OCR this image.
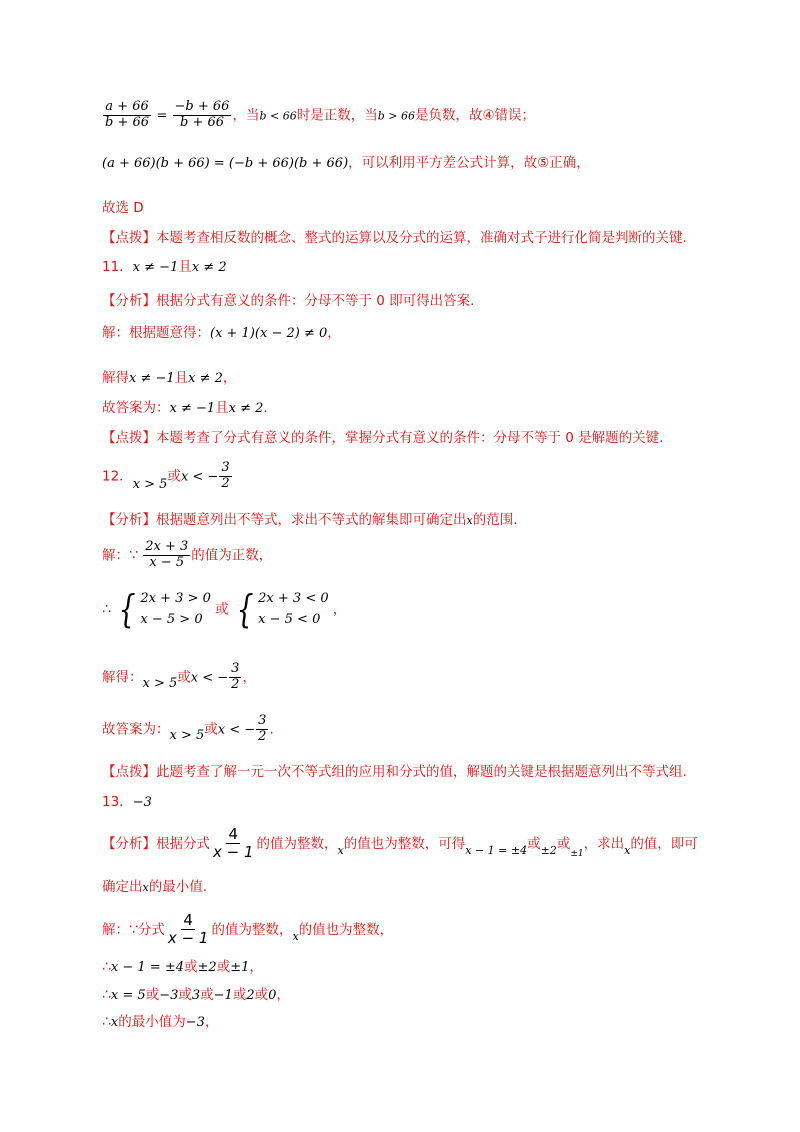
$\frac{a + 66}{b + 66} = \frac{-b + 66}{b + 66}$ ，当b < 66时是正数，当b > 66是负数，故④错误；
(a + 66)(b + 66) = (−b + 66)(b + 66)，可以利用平方差公式计算，故⑤正确，
故选 D
【点拨】本题考查相反数的概念、整式的运算以及分式的运算，准确对式子进行化简是判断的关键.
11．x ≠ −1且x ≠ 2
【分析】根据分式有意义的条件：分母不等于 0 即可得出答案.
解：根据题意得：(x + 1)(x − 2) ≠ 0，
解得x ≠ −1且x ≠ 2，
故答案为：x ≠ −1且x ≠ 2.
【点拨】本题考查了分式有意义的条件，掌握分式有意义的条件：分母不等于 0 是解题的关键.
12．x > 5或x < − $\frac{3}{2}$
【分析】根据题意列出不等式，求出不等式的解集即可确定出x的范围.
解：∵ $\frac{2x + 3}{x - 5}$ 的值为正数，
∴ { 2x + 3 > 0
x − 5 > 0
或 { 2x + 3 < 0
x − 5 < 0
，
解得：x > 5或x < − $\frac{3}{2}$ ，
故答案为：x > 5或x < − $\frac{3}{2}$ .
【点拨】此题考查了解一元一次不等式组的应用和分式的值，解题的关键是根据题意列出不等式组.
13．−3
【分析】根据分式 $\frac{4}{x - 1}$ 的值为整数，$_x$的值也为整数，可得$_{x - 1 = \pm 4}$或$_{\pm 2}$或$_{\pm 1}$，求出$_x$的值，即可
确定出x的最小值.
解：∵分式 $\frac{4}{x - 1}$ 的值为整数，$_x$的值也为整数，
∴x − 1 = ±4或±2或±1，
∴x = 5或−3或3或−1或2或0，
∴x的最小值为−3，
